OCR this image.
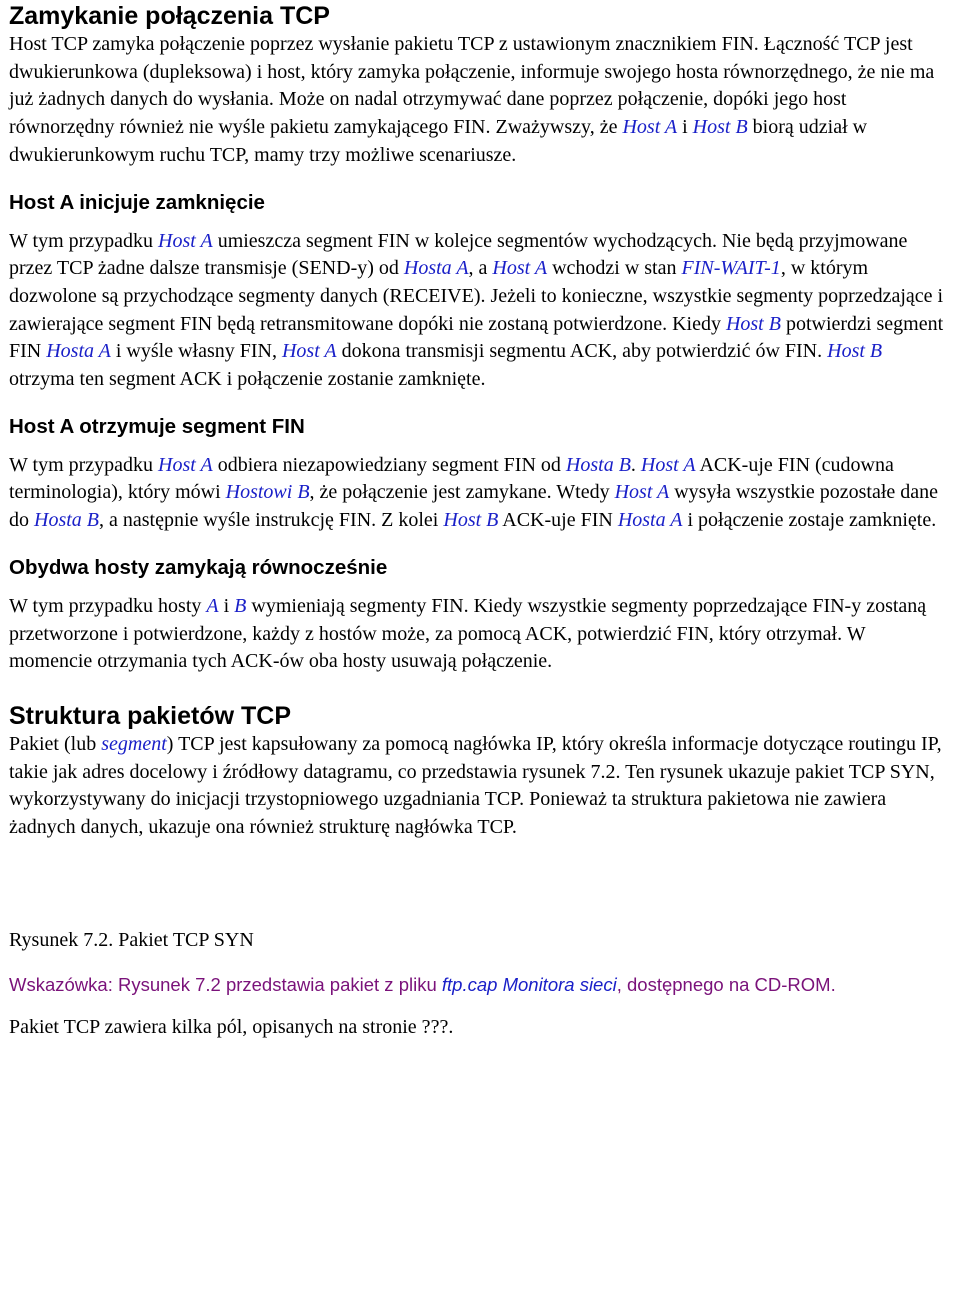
Zamykanie połączenia TCP

Host TCP zamyka połączenie poprzez wysłanie pakietu TCP z ustawionym znacznikiem FIN. Łączność TCP jest dwukierunkowa (dupleksowa) i host, który zamyka połączenie, informuje swojego hosta równorzędnego, że nie ma już żadnych danych do wysłania. Może on nadal otrzymywać dane poprzez połączenie, dopóki jego host równorzędny również nie wyśle pakietu zamykającego FIN. Zważywszy, że Host A i Host B biorą udział w dwukierunkowym ruchu TCP, mamy trzy możliwe scenariusze.

Host A inicjuje zamknięcie

W tym przypadku Host A umieszcza segment FIN w kolejce segmentów wychodzących. Nie będą przyjmowane przez TCP żadne dalsze transmisje (SEND-y) od Hosta A, a Host A wchodzi w stan FIN-WAIT-1, w którym dozwolone są przychodzące segmenty danych (RECEIVE). Jeżeli to konieczne, wszystkie segmenty poprzedzające i zawierające segment FIN będą retransmitowane dopóki nie zostaną potwierdzone. Kiedy Host B potwierdzi segment FIN Hosta A i wyśle własny FIN, Host A dokona transmisji segmentu ACK, aby potwierdzić ów FIN. Host B otrzyma ten segment ACK i połączenie zostanie zamknięte.

Host A otrzymuje segment FIN

W tym przypadku Host A odbiera niezapowiedziany segment FIN od Hosta B. Host A ACK-uje FIN (cudowna terminologia), który mówi Hostowi B, że połączenie jest zamykane. Wtedy Host A wysyła wszystkie pozostałe dane do Hosta B, a następnie wyśle instrukcję FIN. Z kolei Host B ACK-uje FIN Hosta A i połączenie zostaje zamknięte.

Obydwa hosty zamykają równocześnie

W tym przypadku hosty A i B wymieniają segmenty FIN. Kiedy wszystkie segmenty poprzedzające FIN-y zostaną przetworzone i potwierdzone, każdy z hostów może, za pomocą ACK, potwierdzić FIN, który otrzymał. W momencie otrzymania tych ACK-ów oba hosty usuwają połączenie.

Struktura pakietów TCP

Pakiet (lub segment) TCP jest kapsułowany za pomocą nagłówka IP, który określa informacje dotyczące routingu IP, takie jak adres docelowy i źródłowy datagramu, co przedstawia rysunek 7.2. Ten rysunek ukazuje pakiet TCP SYN, wykorzystywany do inicjacji trzystopniowego uzgadniania TCP. Ponieważ ta struktura pakietowa nie zawiera żadnych danych, ukazuje ona również strukturę nagłówka TCP.

Rysunek 7.2. Pakiet TCP SYN

Wskazówka: Rysunek 7.2 przedstawia pakiet z pliku ftp.cap Monitora sieci, dostępnego na CD-ROM.

Pakiet TCP zawiera kilka pól, opisanych na stronie ???.
